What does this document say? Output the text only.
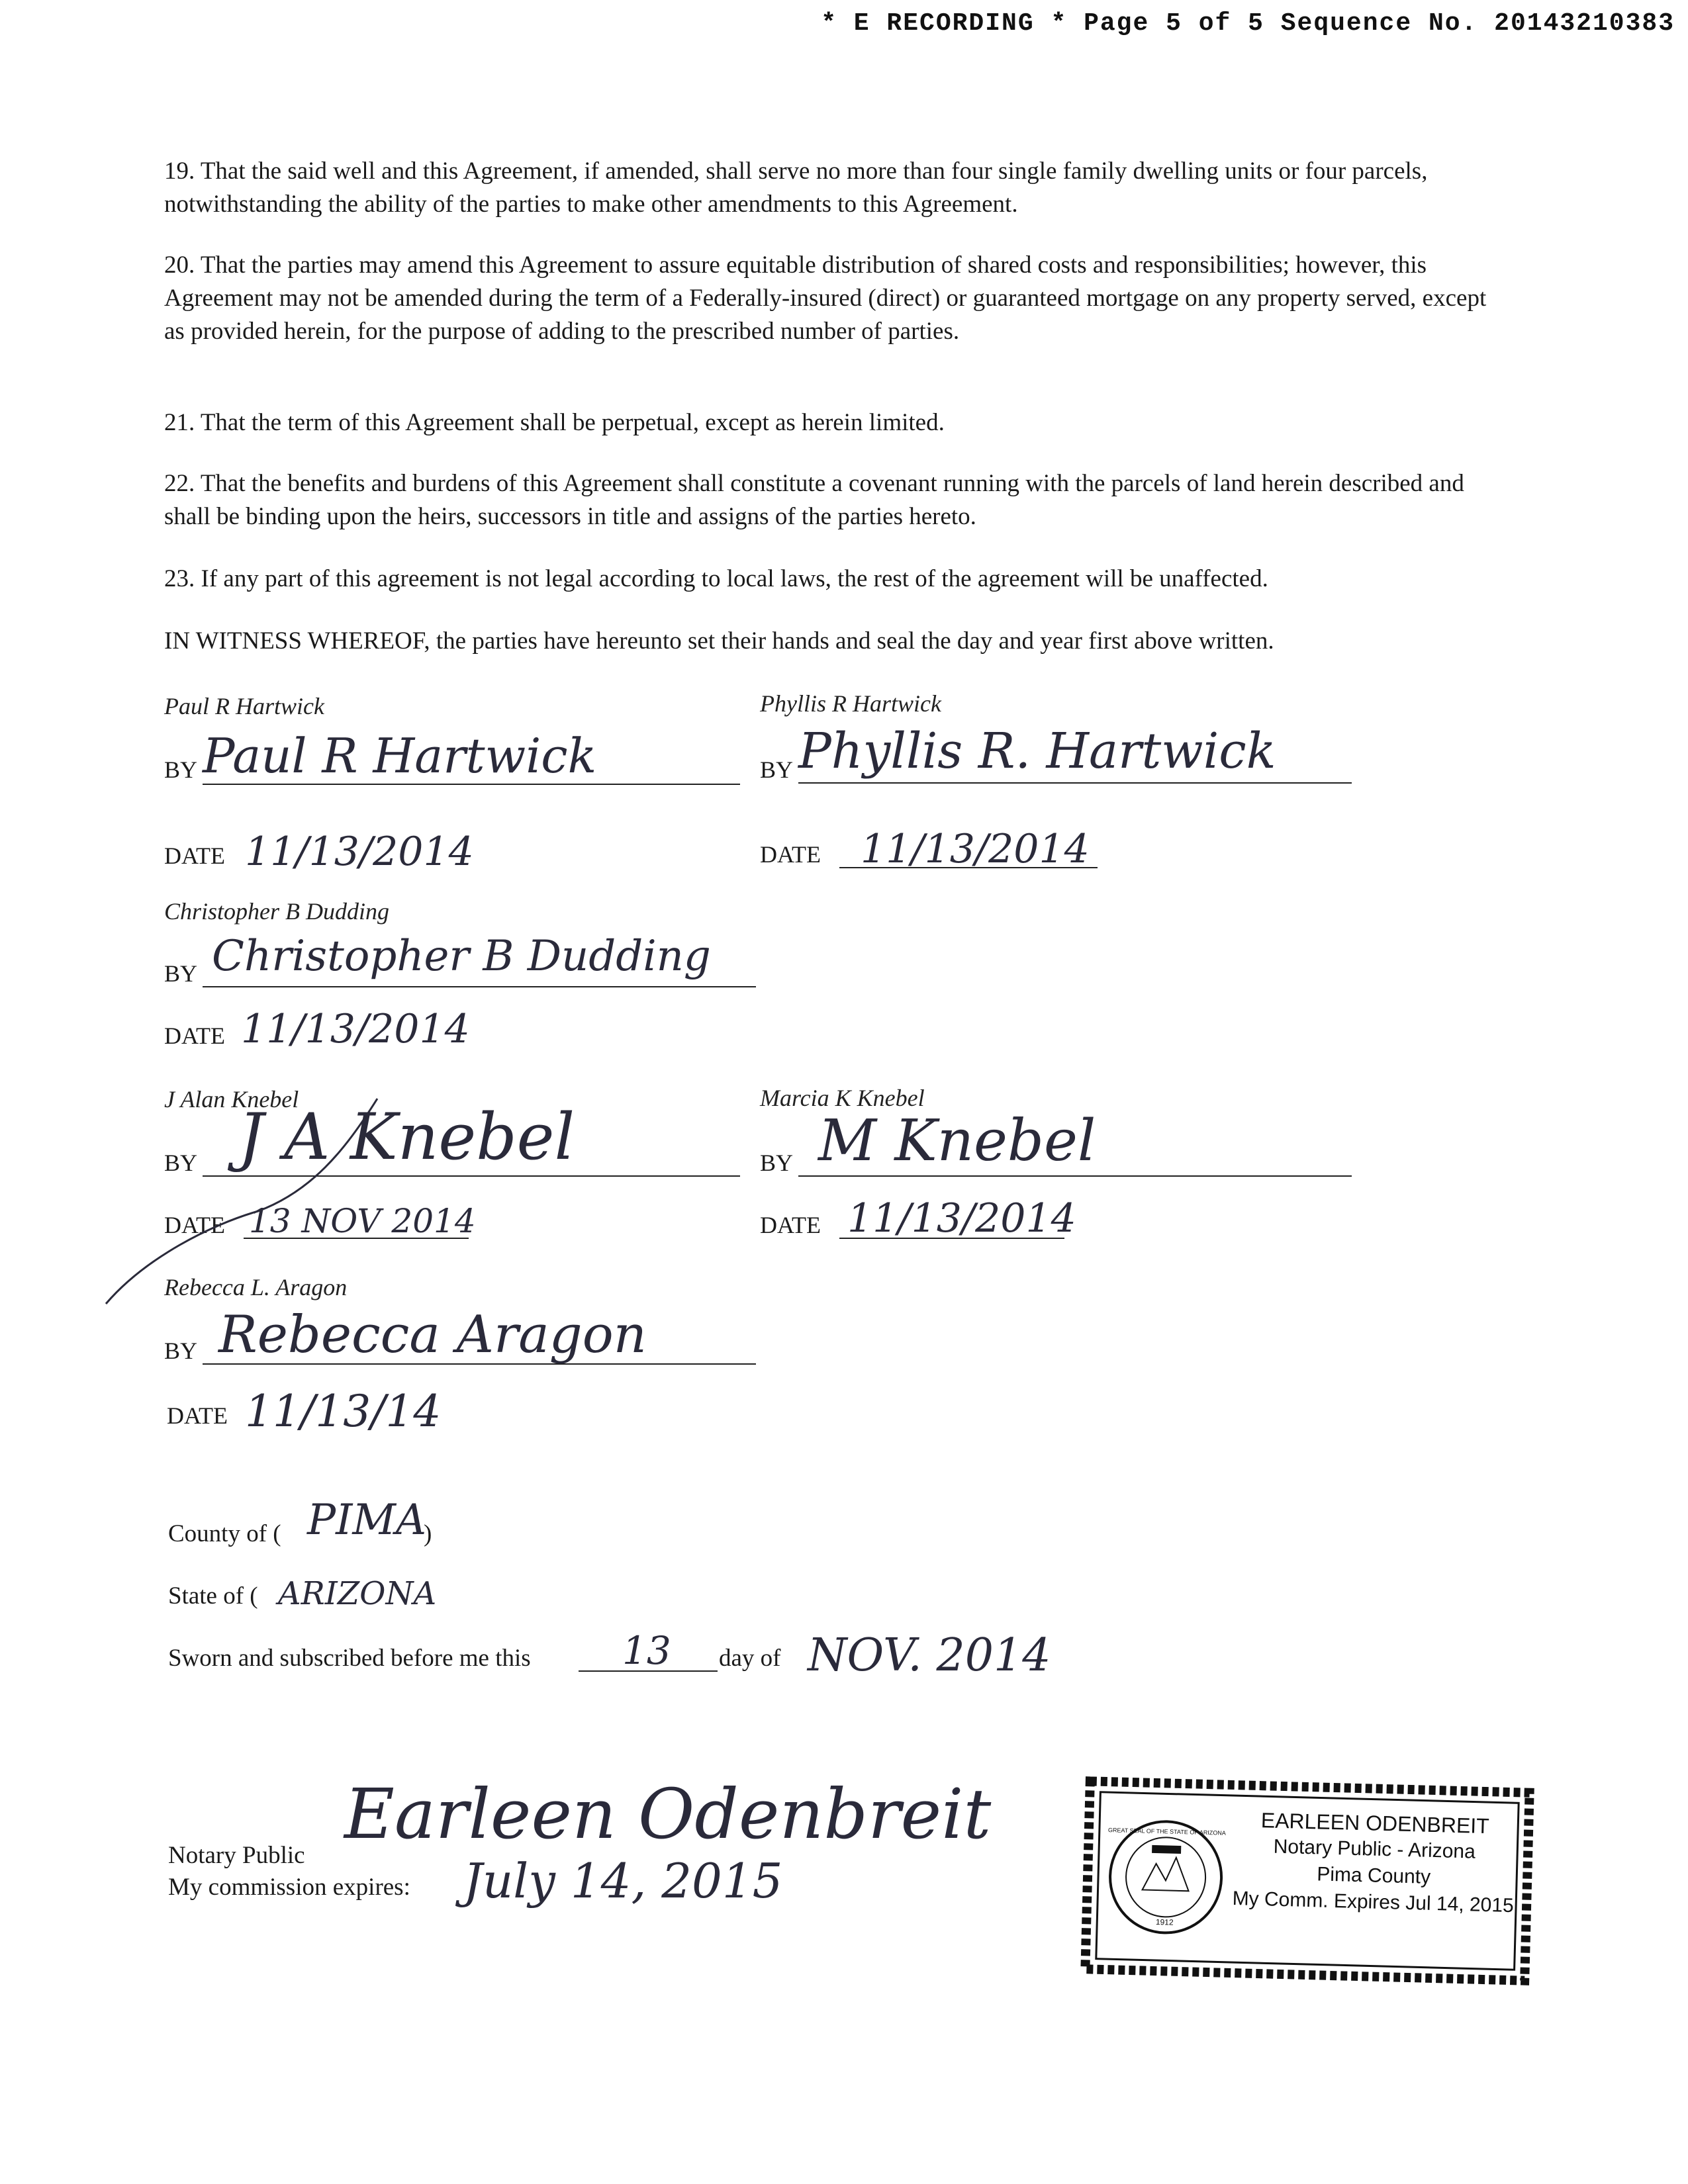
* E RECORDING * Page 5 of 5 Sequence No. 20143210383

19. That the said well and this Agreement, if amended, shall serve no more than four single family dwelling units or four parcels, notwithstanding the ability of the parties to make other amendments to this Agreement.

20. That the parties may amend this Agreement to assure equitable distribution of shared costs and responsibilities; however, this Agreement may not be amended during the term of a Federally-insured (direct) or guaranteed mortgage on any property served, except as provided herein, for the purpose of adding to the prescribed number of parties.

21. That the term of this Agreement shall be perpetual, except as herein limited.

22. That the benefits and burdens of this Agreement shall constitute a covenant running with the parcels of land herein described and shall be binding upon the heirs, successors in title and assigns of the parties hereto.

23. If any part of this agreement is not legal according to local laws, the rest of the agreement will be unaffected.

IN WITNESS WHEREOF, the parties have hereunto set their hands and seal the day and year first above written.

Paul R Hartwick
BY Paul R Hartwick
DATE 11/13/2014
Phyllis R Hartwick
BY Phyllis R. Hartwick
DATE 11/13/2014
Christopher B Dudding
BY Christopher B Dudding
DATE 11/13/2014
J Alan Knebel
BY J A Knebel
DATE 13 NOV 2014
Marcia K Knebel
BY M Knebel
DATE 11/13/2014
Rebecca L. Aragon
BY Rebecca Aragon
DATE 11/13/14
County of ( PIMA
)
State of ( ARIZONA
Sworn and subscribed before me this 13 day of NOV. 2014
Notary Public
My commission expires:
Earleen Odenbreit
July 14, 2015
1912
GREAT SEAL OF THE STATE OF ARIZONA	EARLEEN ODENBREIT
Notary Public - Arizona
Pima County
My Comm. Expires Jul 14, 2015
